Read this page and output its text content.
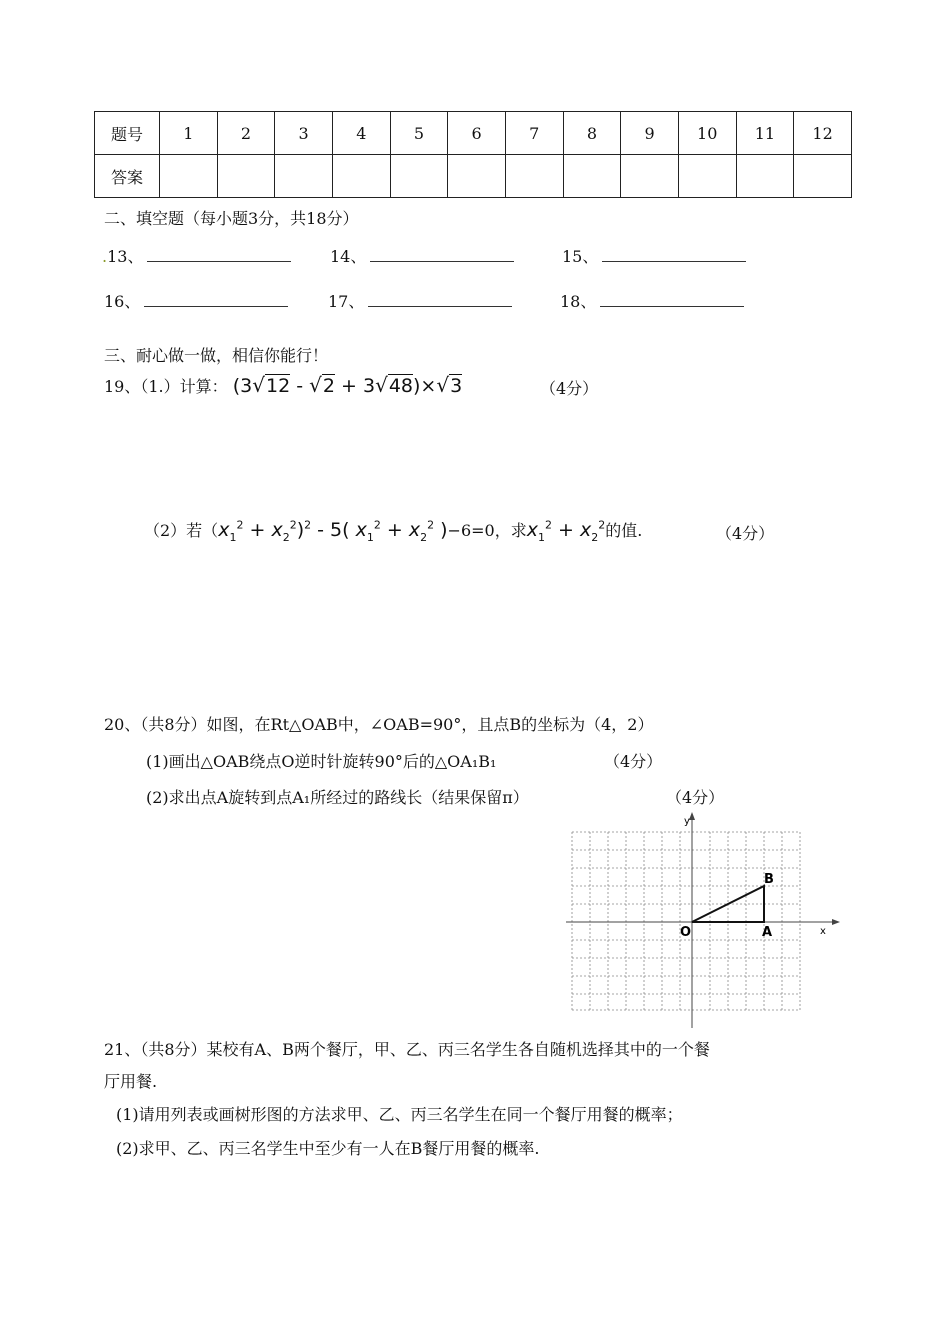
题号	1	2	3	4	5	6	7	8	9	10	11	12
答案												
二、填空题（每小题3分，共18分）
.13、	14、	15、
16、	17、	18、
三、耐心做一做，相信你能行！
19、（1.）计算： (3√12 - √2 + 3√48)×√3	（4分）
（2）若$(x_1^2 + x_2^2)^2 - 5$( $x_1^2 + x_2^2$ )−6=0，求$x_1^2 + x_2^2$的值.	（4分）
20、（共8分）如图，在Rt△OAB中，∠OAB=90°，且点B的坐标为（4，2）
(1)画出△OAB绕点O逆时针旋转90°后的△OA₁B₁	（4分）
(2)求出点A旋转到点A₁所经过的路线长（结果保留π）	（4分）
x
y
O	A
B
21、（共8分）某校有A、B两个餐厅，甲、乙、丙三名学生各自随机选择其中的一个餐
厅用餐.
(1)请用列表或画树形图的方法求甲、乙、丙三名学生在同一个餐厅用餐的概率；
(2)求甲、乙、丙三名学生中至少有一人在B餐厅用餐的概率.
